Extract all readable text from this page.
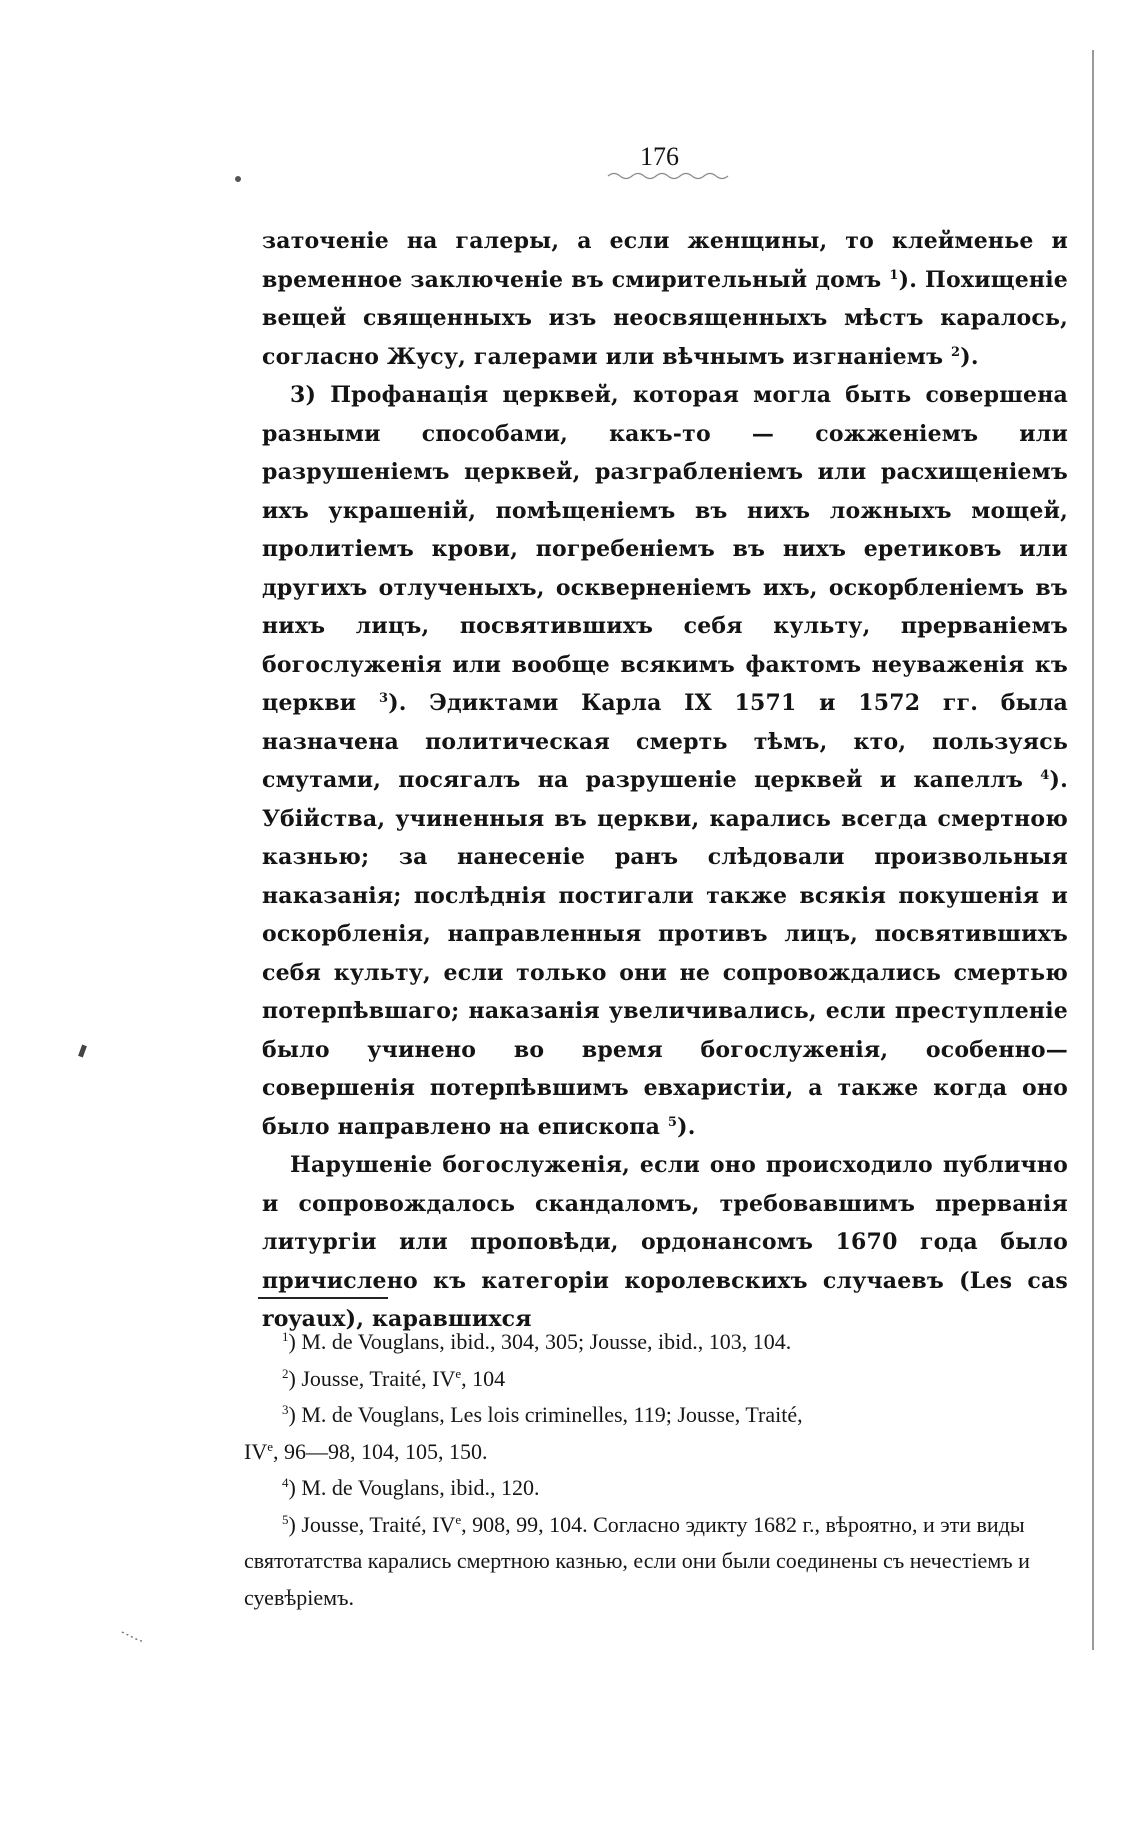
176

заточеніе на галеры, а если женщины, то клейменье и временное заключеніе въ смирительный домъ $^1$). Похищеніе вещей священныхъ изъ неосвященныхъ мѣстъ каралось, согласно Жусу, галерами или вѣчнымъ изгнаніемъ $^2$).

3) Профанація церквей, которая могла быть совершена разными способами, какъ-то — сожженіемъ или разрушеніемъ церквей, разграбленіемъ или расхищеніемъ ихъ украшеній, помѣщеніемъ въ нихъ ложныхъ мощей, пролитіемъ крови, погребеніемъ въ нихъ еретиковъ или другихъ отлученыхъ, оскверненіемъ ихъ, оскорбленіемъ въ нихъ лицъ, посвятившихъ себя культу, прерваніемъ богослуженія или вообще всякимъ фактомъ неуваженія къ церкви $^3$). Эдиктами Карла IX 1571 и 1572 гг. была назначена политическая смерть тѣмъ, кто, пользуясь смутами, посягалъ на разрушеніе церквей и капеллъ $^4$). Убійства, учиненныя въ церкви, карались всегда смертною казнью; за нанесеніе ранъ слѣдовали произвольныя наказанія; послѣднія постигали также всякія покушенія и оскорбленія, направленныя противъ лицъ, посвятившихъ себя культу, если только они не сопровождались смертью потерпѣвшаго; наказанія увеличивались, если преступленіе было учинено во время богослуженія, особенно—совершенія потерпѣвшимъ евхаристіи, а также когда оно было направлено на епископа $^5$).

Нарушеніе богослуженія, если оно происходило публично и сопровождалось скандаломъ, требовавшимъ прерванія литургіи или проповѣди, ордонансомъ 1670 года было причислено къ категоріи королевскихъ случаевъ (Les cas royaux), каравшихся

$^1$) M. de Vouglans, ibid., 304, 305; Jousse, ibid., 103, 104.

$^2$) Jousse, Traité, IVe, 104

$^3$) M. de Vouglans, Les lois criminelles, 119; Jousse, Traité,

IVe, 96—98, 104, 105, 150.

$^4$) M. de Vouglans, ibid., 120.

$^5$) Jousse, Traité, IVe, 908, 99, 104. Согласно эдикту 1682 г., вѣроятно, и эти виды святотатства карались смертною казнью, если они были соединены съ нечестіемъ и суевѣріемъ.
